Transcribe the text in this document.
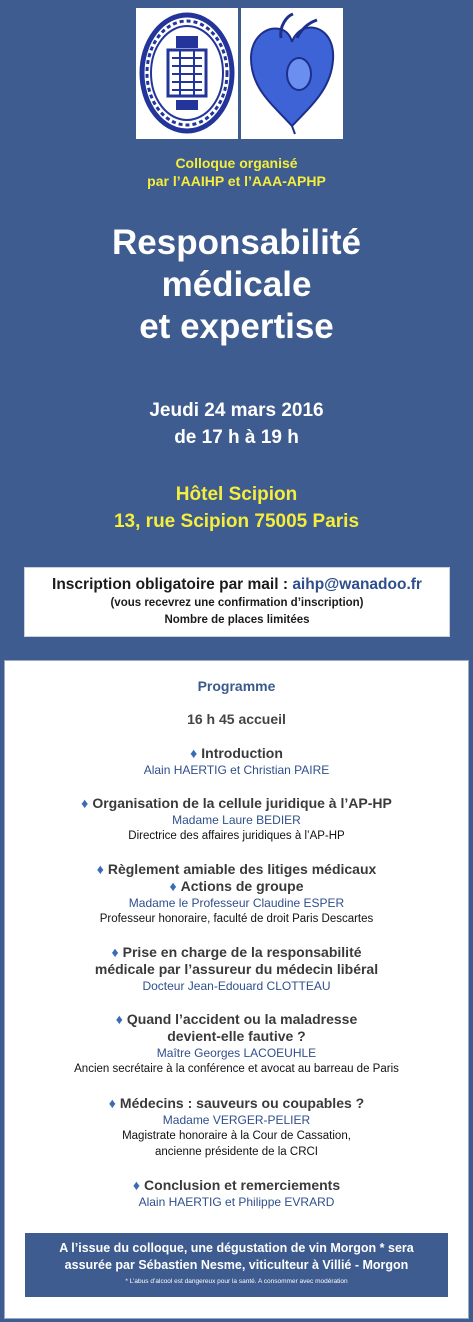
Colloque organisé
par l’AAIHP et l’AAA-APHP
Responsabilité
médicale
et expertise
Jeudi 24 mars 2016
de 17 h à 19 h
Hôtel Scipion
13, rue Scipion 75005 Paris
Inscription obligatoire par mail : aihp@wanadoo.fr
(vous recevrez une confirmation d’inscription)
Nombre de places limitées
Programme
16 h 45 accueil
♦ Introduction
Alain HAERTIG et Christian PAIRE
♦ Organisation de la cellule juridique à l’AP-HP
Madame Laure BEDIER
Directrice des affaires juridiques à l’AP-HP
♦ Règlement amiable des litiges médicaux
♦ Actions de groupe
Madame le Professeur Claudine ESPER
Professeur honoraire, faculté de droit Paris Descartes
♦ Prise en charge de la responsabilité
médicale par l’assureur du médecin libéral
Docteur Jean-Edouard CLOTTEAU
♦ Quand l’accident ou la maladresse
devient-elle fautive ?
Maître Georges LACOEUHLE
Ancien secrétaire à la conférence et avocat au barreau de Paris
♦ Médecins : sauveurs ou coupables ?
Madame VERGER-PELIER
Magistrate honoraire à la Cour de Cassation,
ancienne présidente de la CRCI
♦ Conclusion et remerciements
Alain HAERTIG et Philippe EVRARD
A l’issue du colloque, une dégustation de vin Morgon * sera
assurée par Sébastien Nesme, viticulteur à Villié - Morgon
* L’abus d’alcool est dangereux pour la santé. A consommer avec modération
